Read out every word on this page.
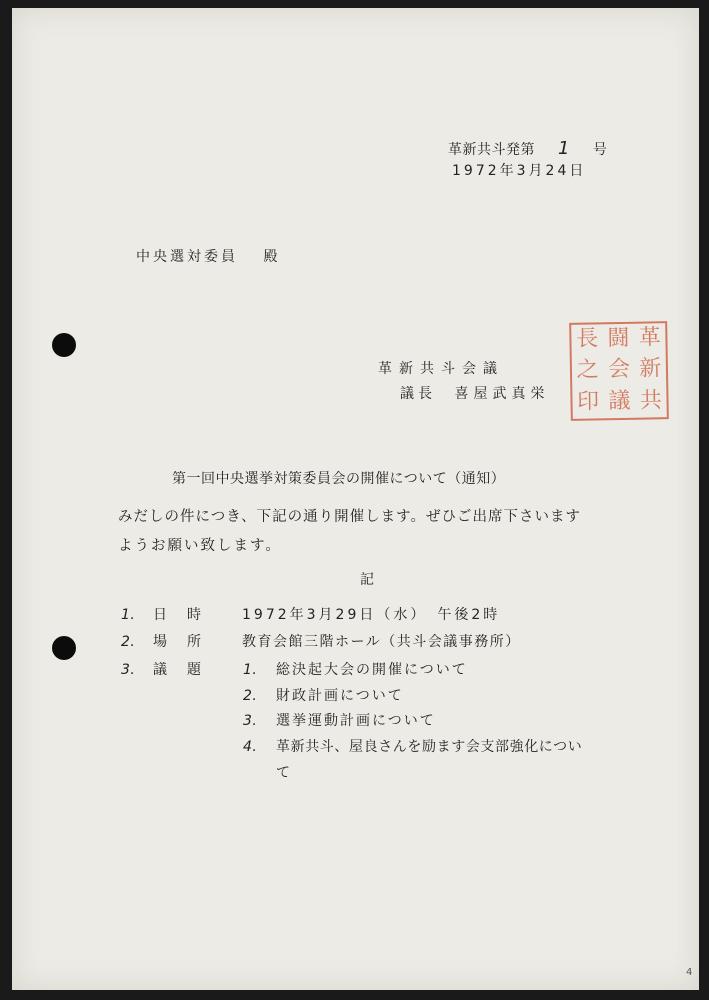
革新共斗発第 1 号
1972年3月24日
中央選対委員 殿
革新共斗会議
議長 喜屋武真栄
長 闘 革
之 会 新
印 議 共
第一回中央選挙対策委員会の開催について（通知）
みだしの件につき、下記の通り開催します。ぜひご出席下さいます
ようお願い致します。
記
1. 日　時	1972年3月29日（水）　午後2時
2. 場　所	教育会館三階ホール（共斗会議事務所）
3. 議　題	1. 総決起大会の開催について
2. 財政計画について
3. 選挙運動計画について
4. 革新共斗、屋良さんを励ます会支部強化につい
て
4
